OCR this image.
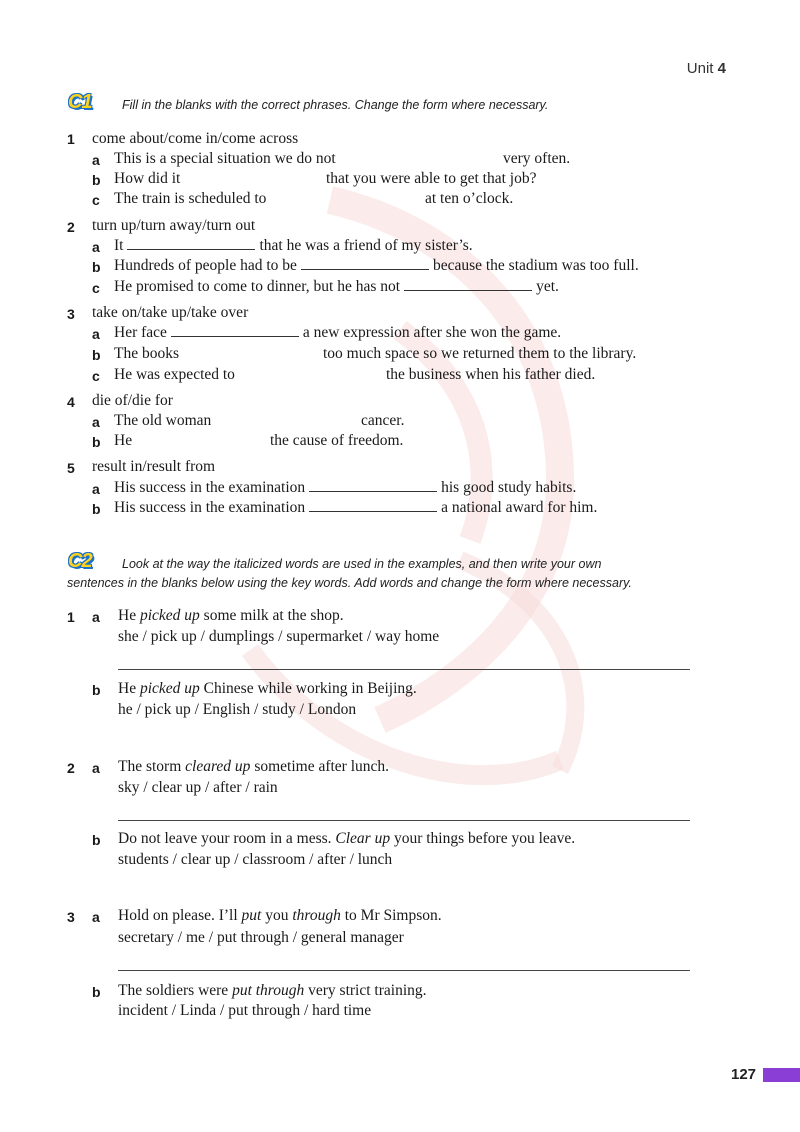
Unit 4
C1	Fill in the blanks with the correct phrases. Change the form where necessary.
1 come about/come in/come across
a This is a special situation we do not	very often.
b How did it	that you were able to get that job?
c The train is scheduled to	at ten o’clock.
2 turn up/turn away/turn out
a It	that he was a friend of my sister’s.
b Hundreds of people had to be	because the stadium was too full.
c He promised to come to dinner, but he has not	yet.
3 take on/take up/take over
a Her face	a new expression after she won the game.
b The books	too much space so we returned them to the library.
c He was expected to	the business when his father died.
4 die of/die for
a The old woman	cancer.
b He	the cause of freedom.
5 result in/result from
a His success in the examination	his good study habits.
b His success in the examination	a national award for him.
C2	Look at the way the italicized words are used in the examples, and then write your own
sentences in the blanks below using the key words. Add words and change the form where necessary.
1 a He picked up some milk at the shop.
she / pick up / dumplings / supermarket / way home
b He picked up Chinese while working in Beijing.
he / pick up / English / study / London
2 a The storm cleared up sometime after lunch.
sky / clear up / after / rain
b Do not leave your room in a mess. Clear up your things before you leave.
students / clear up / classroom / after / lunch
3 a Hold on please. I’ll put you through to Mr Simpson.
secretary / me / put through / general manager
b The soldiers were put through very strict training.
incident / Linda / put through / hard time
127
